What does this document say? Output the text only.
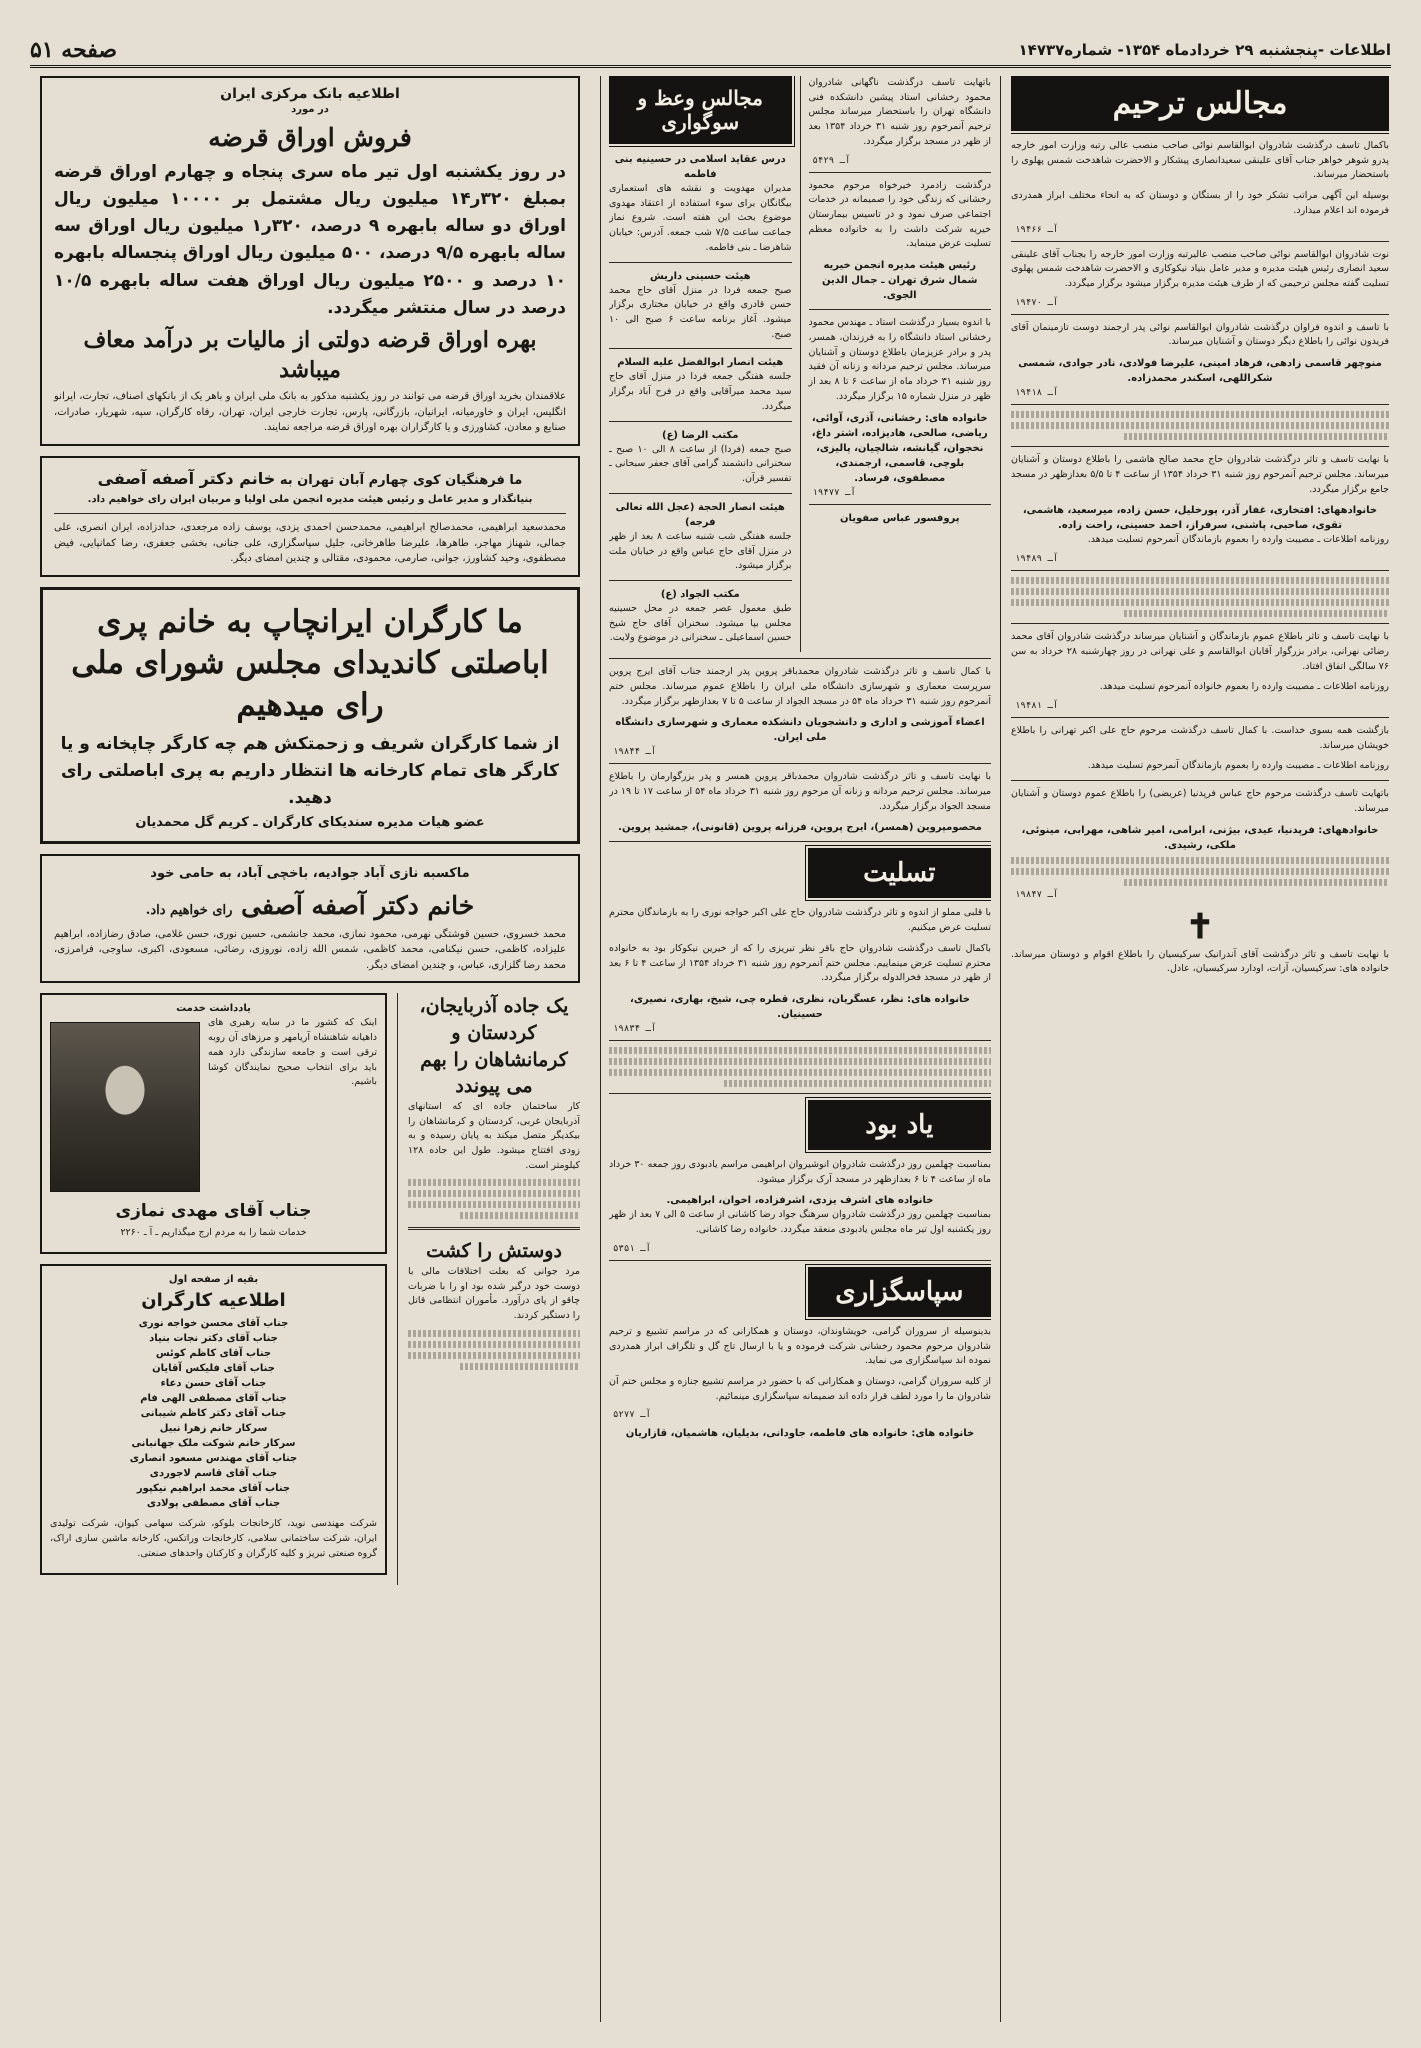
اطلاعات -پنجشنبه ۲۹ خردادماه ۱۳۵۴- شماره۱۴۷۳۷
صفحه ۵۱
مجالس ترحیم
باکمال تاسف درگذشت شادروان ابوالقاسم نوائی صاحب منصب عالی رتبه وزارت امور خارجه پدرو شوهر خواهر جناب آقای علینقی سعیدانصاری پیشکار و الاحضرت شاهدخت شمس پهلوی را باستحضار میرساند.
بوسیله این آگهی مراتب تشکر خود را از بستگان و دوستان که به انحاء مختلف ابراز همدردی فرموده اند اعلام میدارد.
آـ ۱۹۴۶۶
نوت شادروان ابوالقاسم نوائی صاحب منصب عالیرتبه وزارت امور خارجه را بجناب آقای علینقی سعید انصاری رئیس هیئت مدیره و مدیر عامل بنیاد نیکوکاری و الاحضرت شاهدخت شمس پهلوی تسلیت گفته مجلس ترحیمی که از طرف هیئت مدیره برگزار میشود برگزار میگردد.
آـ ۱۹۴۷۰
با تاسف و اندوه فراوان درگذشت شادروان ابوالقاسم نوائی پدر ارجمند دوست تازمینمان آقای فریدون نوائی را باطلاع دیگر دوستان و آشنایان میرساند.
منوچهر قاسمی زادهی، فرهاد امینی، علیرضا فولادی، نادر جوادی، شمسی شکراللهی، اسکندر محمدزاده.
آـ ۱۹۴۱۸
با نهایت تاسف و تاثر درگذشت شادروان حاج محمد صالح هاشمی را باطلاع دوستان و آشنایان میرساند. مجلس ترحیم آنمرحوم روز شنبه ۳۱ خرداد ۱۳۵۴ از ساعت ۴ تا ۵/۵ بعدازظهر در مسجد جامع برگزار میگردد.
خانوادههای: افتخاری، غفار آذر، پورخلیل، حسن زاده، میرسعید، هاشمی، تقوی، صاحبی، پاشنی، سرفراز، احمد حسینی، راحت زاده.
روزنامه اطلاعات ـ مصیبت وارده را بعموم بازماندگان آنمرحوم تسلیت میدهد.
آـ ۱۹۴۸۹
با نهایت تاسف و تاثر باطلاع عموم بازماندگان و آشنایان میرساند درگذشت شادروان آقای محمد رضائی نهرانی، برادر بزرگوار آقایان ابوالقاسم و علی نهرانی در روز چهارشنبه ۲۸ خرداد به سن ۷۶ سالگی اتفاق افتاد.
روزنامه اطلاعات ـ مصیبت وارده را بعموم خانواده آنمرحوم تسلیت میدهد.
آـ ۱۹۴۸۱
بازگشت همه بسوی خداست. با کمال تاسف درگذشت مرحوم حاج علی اکبر تهرانی را باطلاع خویشان میرساند.
روزنامه اطلاعات ـ مصیبت وارده را بعموم بازماندگان آنمرحوم تسلیت میدهد.
باتهایت تاسف درگذشت مرحوم حاج عباس فرپدنیا (عریضی) را باطلاع عموم دوستان و آشنایان میرساند.
خانوادههای: فرپدنیا، عیدی، بیژنی، ابرامی، امیر شاهی، مهرابی، مینوئی، ملکی، رشیدی.
آـ ۱۹۸۴۷
✝
با نهایت تاسف و تاثر درگذشت آقای آندرانیک سرکیسیان را باطلاع اقوام و دوستان میرساند. خانواده های: سرکیسیان، آزات، اودارد سرکیسیان، عادل.
باتهایت تاسف درگذشت ناگهانی شادروان محمود رخشانی استاد پیشین دانشکده فنی دانشگاه تهران را باستحضار میرساند مجلس ترحیم آنمرحوم روز شنبه ۳۱ خرداد ۱۳۵۴ بعد از ظهر در مسجد برگزار میگردد.
آـ ۵۴۲۹
درگذشت زادمرد خیرخواه مرحوم محمود رخشانی که زندگی خود را صمیمانه در خدمات اجتماعی صرف نمود و در تاسیس بیمارستان خیریه شرکت داشت را به خانواده معظم تسلیت عرض مینماید.
رئیس هیئت مدیره انجمن خیریه شمال شرق تهران ـ جمال الدین الجوی.
با اندوه بسیار درگذشت استاد ـ مهندس محمود رخشانی استاد دانشگاه را به فرزندان، همسر، پدر و برادر عزیزمان باطلاع دوستان و آشنایان میرساند. مجلس ترحیم مردانه و زنانه آن فقید روز شنبه ۳۱ خرداد ماه از ساعت ۶ تا ۸ بعد از ظهر در منزل شماره ۱۵ برگزار میگردد.
خانواده های: رخشانی، آذری، آوائی، ریاضی، صالحی، هادیزاده، اشتر داغ، نخجوان، گیانشه، شالچیان، پالیزی، بلوچی، قاسمی، ارجمندی، مصطفوی، فرساد.
آـ ۱۹۴۷۷
پروفسور عباس صفویان
مجالس وعظ و سوگواری
درس عقاید اسلامی در حسینیه بنی فاطمه
مدیران مهدویت و نقشه های استعماری بیگانگان برای سوء استفاده از اعتقاد مهدوی موضوع بحث این هفته است. شروع نماز جماعت ساعت ۷/۵ شب جمعه. آدرس: خیابان شاهرضا ـ بنی فاطمه.
هیئت حسینی داریش
صبح جمعه فردا در منزل آقای حاج محمد حسن قادری واقع در خیابان مختاری برگزار میشود. آغاز برنامه ساعت ۶ صبح الی ۱۰ صبح.
هیئت انصار ابوالفضل علیه السلام
جلسه هفتگی جمعه فردا در منزل آقای حاج سید محمد میرآقایی واقع در فرح آباد برگزار میگردد.
مکتب الرضا (ع)
صبح جمعه (فردا) از ساعت ۸ الی ۱۰ صبح ـ سخنرانی دانشمند گرامی آقای جعفر سبحانی ـ تفسیر قرآن.
هیئت انصار الحجة (عجل الله تعالی فرجه)
جلسه هفتگی شب شنبه ساعت ۸ بعد از ظهر در منزل آقای حاج عباس واقع در خیابان ملت برگزار میشود.
مکتب الجواد (ع)
طبق معمول عصر جمعه در محل حسینیه مجلس بپا میشود. سخنران آقای حاج شیخ حسین اسماعیلی ـ سخنرانی در موضوع ولایت.
با کمال تاسف و تاثر درگذشت شادروان محمدباقر پروین پدر ارجمند جناب آقای ایرج پروین سرپرست معماری و شهرسازی دانشگاه ملی ایران را باطلاع عموم میرساند. مجلس ختم آنمرحوم روز شنبه ۳۱ خرداد ماه ۵۴ در مسجد الجواد از ساعت ۵ تا ۷ بعدازظهر برگزار میگردد.
اعضاء آموزشی و اداری و دانشجویان دانشکده معماری و شهرسازی دانشگاه ملی ایران.
آـ ۱۹۸۴۴
با نهایت تاسف و تاثر درگذشت شادروان محمدباقر پروین همسر و پدر بزرگوارمان را باطلاع میرساند. مجلس ترحیم مردانه و زنانه آن مرحوم روز شنبه ۳۱ خرداد ماه ۵۴ از ساعت ۱۷ تا ۱۹ در مسجد الجواد برگزار میگردد.
محصومپروین (همسر)، ایرج پروین، فرزانه پروین (قانونی)، جمشید پروین.
تسلیت
با قلبی مملو از اندوه و تاثر درگذشت شادروان حاج علی اکبر خواجه نوری را به بازماندگان محترم تسلیت عرض میکنیم.
باکمال تاسف درگذشت شادروان حاج باقر نظر تبریزی را که از خیرین نیکوکار بود به خانواده محترم تسلیت عرض مینماییم. مجلس ختم آنمرحوم روز شنبه ۳۱ خرداد ۱۳۵۴ از ساعت ۴ تا ۶ بعد از ظهر در مسجد فخرالدوله برگزار میگردد.
خانواده های: نظر، عسگریان، نظری، قطره چی، شیخ، بهاری، نصیری، حسینیان.
آـ ۱۹۸۳۴
یاد بود
بمناسبت چهلمین روز درگذشت شادروان انوشیروان ابراهیمی مراسم یادبودی روز جمعه ۳۰ خرداد ماه از ساعت ۴ تا ۶ بعدازظهر در مسجد آرک برگزار میشود.
خانواده های اشرف یزدی، اشرفزاده، اخوان، ابراهیمی.
بمناسبت چهلمین روز درگذشت شادروان سرهنگ جواد رضا کاشانی از ساعت ۵ الی ۷ بعد از ظهر روز یکشنبه اول تیر ماه مجلس یادبودی منعقد میگردد. خانواده رضا کاشانی.
آـ ۵۳۵۱
سپاسگزاری
بدینوسیله از سروران گرامی، خویشاوندان، دوستان و همکارانی که در مراسم تشییع و ترحیم شادروان مرحوم محمود رخشانی شرکت فرموده و یا با ارسال تاج گل و تلگراف ابراز همدردی نموده اند سپاسگزاری می نماید.
از کلیه سروران گرامی، دوستان و همکارانی که با حضور در مراسم تشییع جنازه و مجلس ختم آن شادروان ما را مورد لطف قرار داده اند صمیمانه سپاسگزاری مینمائیم.
آـ ۵۲۷۷
خانواده های: خانواده های فاطمه، جاودانی، بدیلیان، هاشمیان، قازاریان
اطلاعیه بانک مرکزی ایران
در مورد
فروش اوراق قرضه
در روز یکشنبه اول تیر ماه سری پنجاه و چهارم اوراق قرضه بمبلغ ۳۲۰ر۱۴ میلیون ریال مشتمل بر ۱۰۰۰۰ میلیون ریال اوراق دو ساله بابهره ۹ درصد، ۳۲۰ر۱ میلیون ریال اوراق سه ساله بابهره ۹/۵ درصد، ۵۰۰ میلیون ریال اوراق پنجساله بابهره ۱۰ درصد و ۲۵۰۰ میلیون ریال اوراق هفت ساله بابهره ۱۰/۵ درصد در سال منتشر میگردد.
بهره اوراق قرضه دولتی از مالیات بر درآمد معاف میباشد
علاقمندان بخرید اوراق قرضه می توانند در روز یکشنبه مذکور به بانک ملی ایران و باهر یک از بانکهای اصناف، تجارت، ایرانو انگلیس، ایران و خاورمیانه، ایرانیان، بازرگانی، پارس، تجارت خارجی ایران، تهران، رفاه کارگران، سپه، شهریار، صادرات، صنایع و معادن، کشاورزی و یا کارگزاران بهره اوراق قرضه مراجعه نمایند.
ما فرهنگیان کوی چهارم آبان تهران به خانم دکتر آصفه آصفی
بنیانگذار و مدیر عامل و رئیس هیئت مدیره انجمن ملی اولیا و مربیان ایران رای خواهیم داد.
محمدسعید ابراهیمی، محمدصالح ابراهیمی، محمدحسن احمدی یزدی، یوسف زاده مرجعدی، حدادزاده، ایران انصری، علی جمالی، شهناز مهاجر، طاهرها، علیرضا طاهرخانی، جلیل سپاسگزاری، علی جنانی، بخشی جعفری، رضا کمانپایی، فیض مصطفوی، وحید کشاورز، جوانی، صارمی، محمودی، مقتالی و چندین امضای دیگر.
ما کارگران ایرانچاپ به خانم پری اباصلتی کاندیدای مجلس شورای ملی رای میدهیم
از شما کارگران شریف و زحمتکش هم چه کارگر چاپخانه و یا کارگر های تمام کارخانه ها انتظار داریم به پری اباصلتی رای دهید.
عضو هیات مدیره سندیکای کارگران ـ کریم گل محمدیان
ماکسبه نازی آباد جوادیه، باخچی آباد، به حامی خود
خانم دکتر آصفه آصفی رای خواهیم داد.
محمد خسروی، حسین قوشتگی نهرمی، محمود نمازی، محمد جانشمی، حسین نوری، حسن غلامی، صادق رضازاده، ابراهیم علیزاده، کاظمی، حسن نیکنامی، محمد کاظمی، شمس الله زاده، نوروزی، رضائی، مسعودی، اکبری، ساوجی، فرامرزی، محمد رضا گلزاری، عباس، و چندین امضای دیگر.
یک جاده آذربایجان، کردستان و کرمانشاهان را بهم می پیوندد
کار ساختمان جاده ای که استانهای آذربایجان غربی، کردستان و کرمانشاهان را بیکدیگر متصل میکند به پایان رسیده و به زودی افتتاح میشود. طول این جاده ۱۲۸ کیلومتر است.
دوستش را کشت
مرد جوانی که بعلت اختلافات مالی با دوست خود درگیر شده بود او را با ضربات چاقو از پای درآورد. مأموران انتظامی قاتل را دستگیر کردند.
یادداشت خدمت
اینک که کشور ما در سایه رهبری های داهیانه شاهنشاه آریامهر و مرزهای آن روبه ترقی است و جامعه سازندگی دارد همه باید برای انتخاب صحیح نمایندگان کوشا باشیم.
جناب آقای مهدی نمازی
خدمات شما را به مردم ارج میگذاریم ـ آ ـ ۲۲۶۰
بقیه از صفحه اول
اطلاعیه کارگران
جناب آقای محسن خواجه نوری
جناب آقای دکتر نجات بنیاد
جناب آقای کاظم کوئس
جناب آقای فلیکس آقایان
جناب آقای حسن دعاء
جناب آقای مصطفی الهی فام
جناب آقای دکتر کاظم شیبانی
سرکار خانم زهرا نبیل
سرکار خانم شوکت ملک جهانبانی
جناب آقای مهندس مسعود انصاری
جناب آقای قاسم لاجوردی
جناب آقای محمد ابراهیم نیکپور
جناب آقای مصطفی پولادی
شرکت مهندسی نوید، کارخانجات بلوکو، شرکت سهامی کیوان، شرکت تولیدی ایران، شرکت ساختمانی سلامی، کارخانجات وراتکس، کارخانه ماشین سازی اراک، گروه صنعتی تبریز و کلیه کارگران و کارکنان واحدهای صنعتی.
